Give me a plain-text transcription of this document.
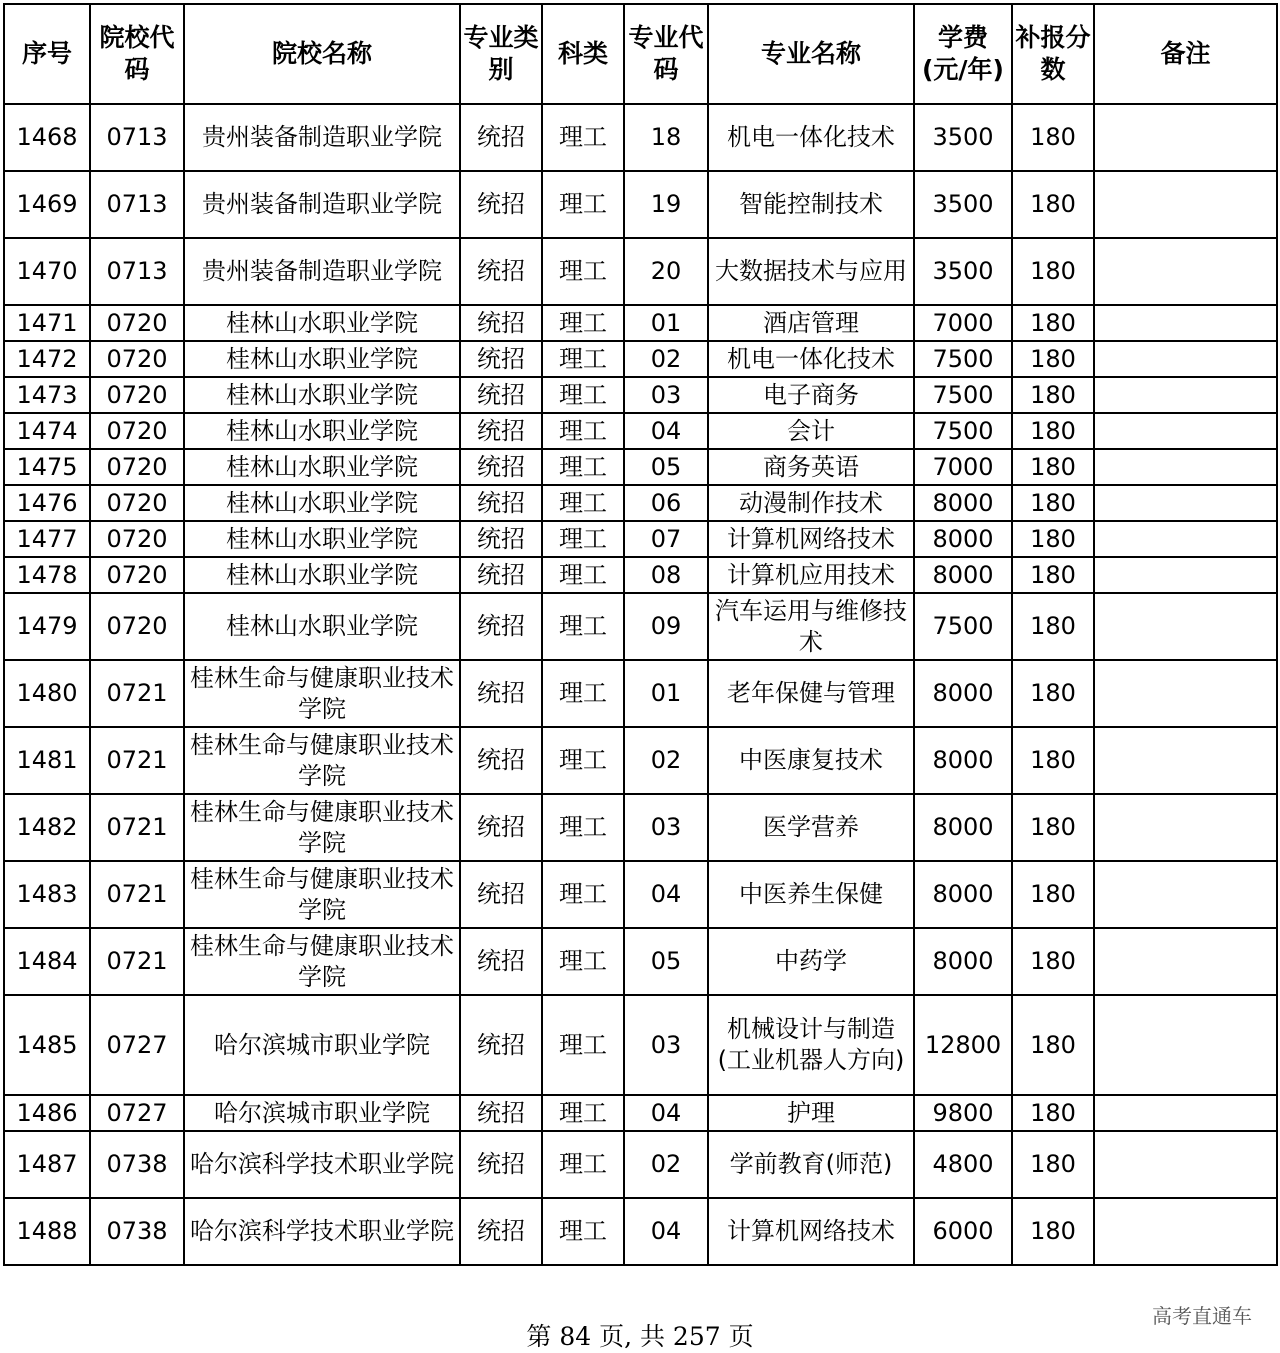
序号	院校代码	院校名称	专业类别	科类	专业代码	专业名称	学费(元/年)	补报分数	备注
1468	0713	贵州装备制造职业学院	统招	理工	18	机电一体化技术	3500	180	
1469	0713	贵州装备制造职业学院	统招	理工	19	智能控制技术	3500	180	
1470	0713	贵州装备制造职业学院	统招	理工	20	大数据技术与应用	3500	180	
1471	0720	桂林山水职业学院	统招	理工	01	酒店管理	7000	180	
1472	0720	桂林山水职业学院	统招	理工	02	机电一体化技术	7500	180	
1473	0720	桂林山水职业学院	统招	理工	03	电子商务	7500	180	
1474	0720	桂林山水职业学院	统招	理工	04	会计	7500	180	
1475	0720	桂林山水职业学院	统招	理工	05	商务英语	7000	180	
1476	0720	桂林山水职业学院	统招	理工	06	动漫制作技术	8000	180	
1477	0720	桂林山水职业学院	统招	理工	07	计算机网络技术	8000	180	
1478	0720	桂林山水职业学院	统招	理工	08	计算机应用技术	8000	180	
1479	0720	桂林山水职业学院	统招	理工	09	汽车运用与维修技术	7500	180	
1480	0721	桂林生命与健康职业技术学院	统招	理工	01	老年保健与管理	8000	180	
1481	0721	桂林生命与健康职业技术学院	统招	理工	02	中医康复技术	8000	180	
1482	0721	桂林生命与健康职业技术学院	统招	理工	03	医学营养	8000	180	
1483	0721	桂林生命与健康职业技术学院	统招	理工	04	中医养生保健	8000	180	
1484	0721	桂林生命与健康职业技术学院	统招	理工	05	中药学	8000	180	
1485	0727	哈尔滨城市职业学院	统招	理工	03	机械设计与制造(工业机器人方向)	12800	180	
1486	0727	哈尔滨城市职业学院	统招	理工	04	护理	9800	180	
1487	0738	哈尔滨科学技术职业学院	统招	理工	02	学前教育(师范)	4800	180	
1488	0738	哈尔滨科学技术职业学院	统招	理工	04	计算机网络技术	6000	180	
第 84 页, 共 257 页
高考直通车
